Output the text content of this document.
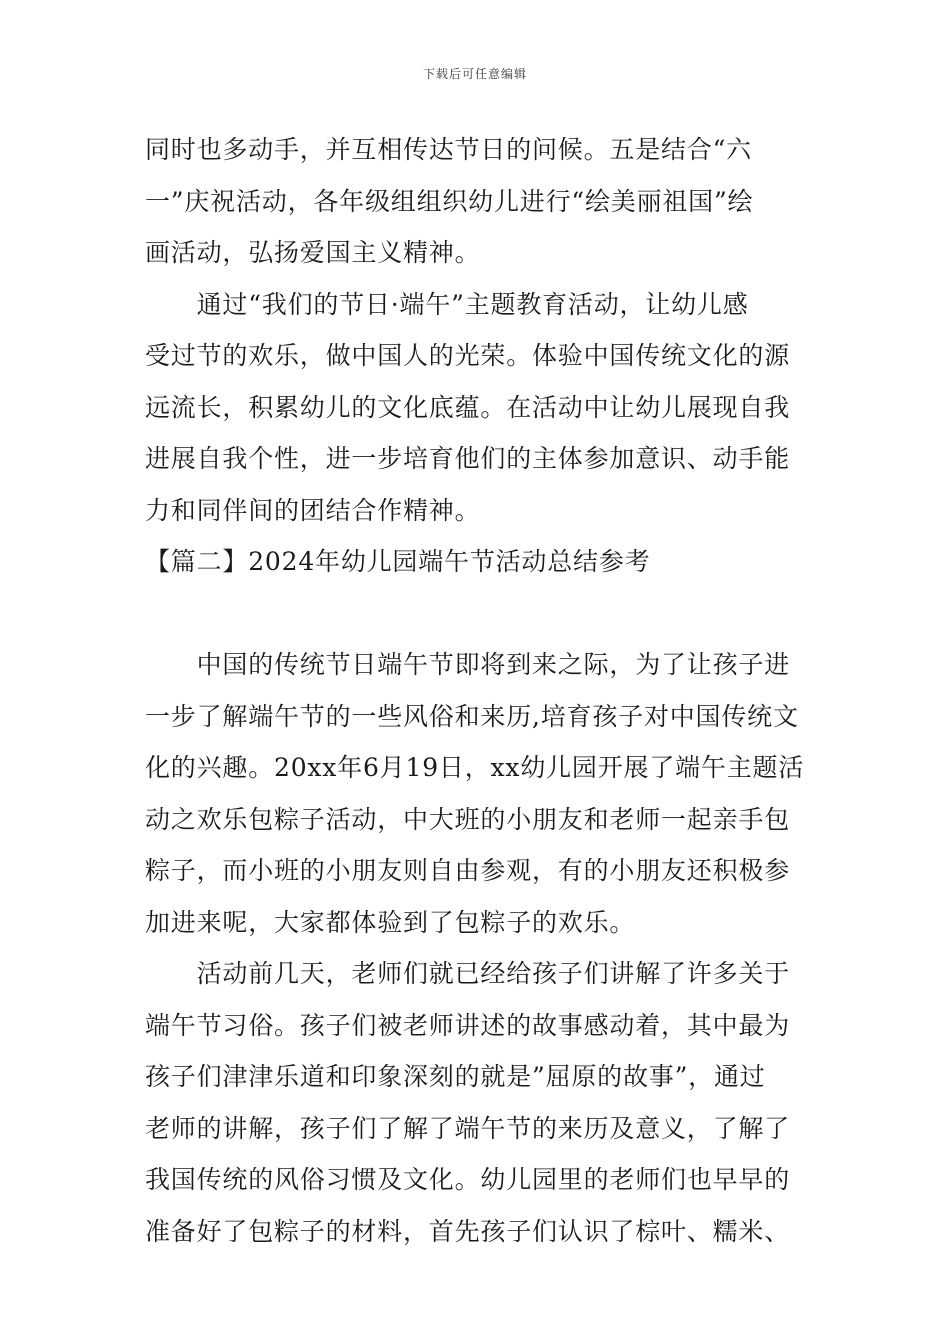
下载后可任意编辑
同时也多动手，并互相传达节日的问候。五是结合“六
一”庆祝活动，各年级组组织幼儿进行“绘美丽祖国”绘
画活动，弘扬爱国主义精神。
　　通过“我们的节日·端午”主题教育活动，让幼儿感
受过节的欢乐，做中国人的光荣。体验中国传统文化的源
远流长，积累幼儿的文化底蕴。在活动中让幼儿展现自我
进展自我个性，进一步培育他们的主体参加意识、动手能
力和同伴间的团结合作精神。
【篇二】2024年幼儿园端午节活动总结参考
　　中国的传统节日端午节即将到来之际，为了让孩子进
一步了解端午节的一些风俗和来历,培育孩子对中国传统文
化的兴趣。20xx年6月19日，xx幼儿园开展了端午主题活
动之欢乐包粽子活动，中大班的小朋友和老师一起亲手包
粽子，而小班的小朋友则自由参观，有的小朋友还积极参
加进来呢，大家都体验到了包粽子的欢乐。
　　活动前几天，老师们就已经给孩子们讲解了许多关于
端午节习俗。孩子们被老师讲述的故事感动着，其中最为
孩子们津津乐道和印象深刻的就是”屈原的故事”，通过
老师的讲解，孩子们了解了端午节的来历及意义，了解了
我国传统的风俗习惯及文化。幼儿园里的老师们也早早的
准备好了包粽子的材料，首先孩子们认识了棕叶、糯米、
